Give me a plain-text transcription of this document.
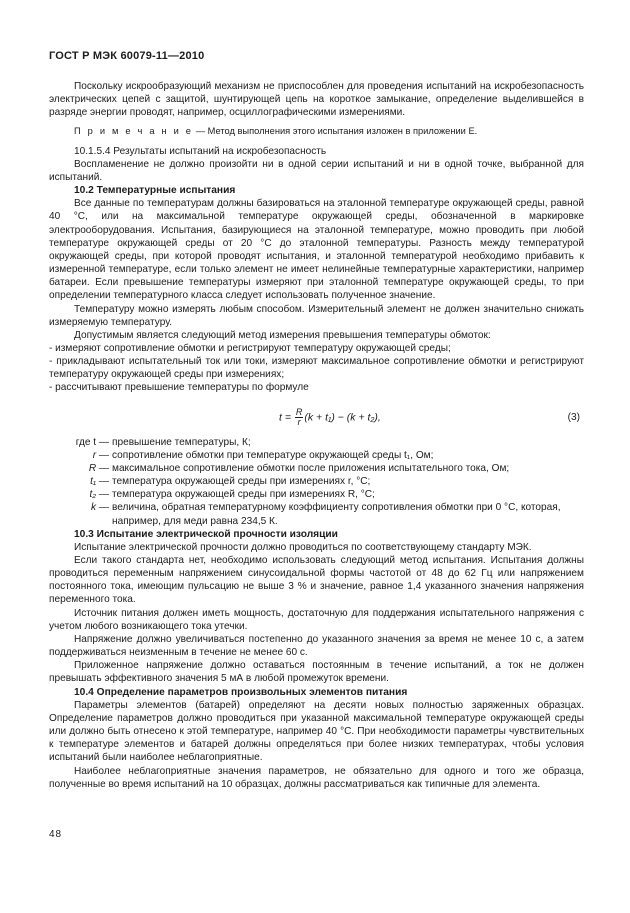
ГОСТ Р МЭК 60079-11—2010

Поскольку искрообразующий механизм не приспособлен для проведения испытаний на искробезопасность электрических цепей с защитой, шунтирующей цепь на короткое замыкание, определение выделившейся в разряде энергии проводят, например, осциллографическими измерениями.

П р и м е ч а н и е — Метод выполнения этого испытания изложен в приложении Е.

10.1.5.4 Результаты испытаний на искробезопасность

Воспламенение не должно произойти ни в одной серии испытаний и ни в одной точке, выбранной для испытаний.

10.2 Температурные испытания

Все данные по температурам должны базироваться на эталонной температуре окружающей среды, равной 40 °С, или на максимальной температуре окружающей среды, обозначенной в маркировке электрооборудования. Испытания, базирующиеся на эталонной температуре, можно проводить при любой температуре окружающей среды от 20 °С до эталонной температуры. Разность между температурой окружающей среды, при которой проводят испытания, и эталонной температурой необходимо прибавить к измеренной температуре, если только элемент не имеет нелинейные температурные характеристики, например батареи. Если превышение температуры измеряют при эталонной температуре окружающей среды, то при определении температурного класса следует использовать полученное значение.

Температуру можно измерять любым способом. Измерительный элемент не должен значительно снижать измеряемую температуру.

Допустимым является следующий метод измерения превышения температуры обмоток:

- измеряют сопротивление обмотки и регистрируют температуру окружающей среды;

- прикладывают испытательный ток или токи, измеряют максимальное сопротивление обмотки и регистрируют температуру окружающей среды при измерениях;

- рассчитывают превышение температуры по формуле

$t = \frac{R}{r} (k + t_1) - (k + t_2)$,	(3)
где t — превышение температуры, К;
r — сопротивление обмотки при температуре окружающей среды t₁, Ом;
R — максимальное сопротивление обмотки после приложения испытательного тока, Ом;
t₁ — температура окружающей среды при измерениях r, °С;
t₂ — температура окружающей среды при измерениях R, °С;
k — величина, обратная температурному коэффициенту сопротивления обмотки при 0 °С, которая, например, для меди равна 234,5 К.
10.3 Испытание электрической прочности изоляции

Испытание электрической прочности должно проводиться по соответствующему стандарту МЭК.

Если такого стандарта нет, необходимо использовать следующий метод испытания. Испытания должны проводиться переменным напряжением синусоидальной формы частотой от 48 до 62 Гц или напряжением постоянного тока, имеющим пульсацию не выше 3 % и значение, равное 1,4 указанного значения напряжения переменного тока.

Источник питания должен иметь мощность, достаточную для поддержания испытательного напряжения с учетом любого возникающего тока утечки.

Напряжение должно увеличиваться постепенно до указанного значения за время не менее 10 с, а затем поддерживаться неизменным в течение не менее 60 с.

Приложенное напряжение должно оставаться постоянным в течение испытаний, а ток не должен превышать эффективного значения 5 мА в любой промежуток времени.

10.4 Определение параметров произвольных элементов питания

Параметры элементов (батарей) определяют на десяти новых полностью заряженных образцах. Определение параметров должно проводиться при указанной максимальной температуре окружающей среды или должно быть отнесено к этой температуре, например 40 °С. При необходимости параметры чувствительных к температуре элементов и батарей должны определяться при более низких температурах, чтобы условия испытаний были наиболее неблагоприятные.

Наиболее неблагоприятные значения параметров, не обязательно для одного и того же образца, полученные во время испытаний на 10 образцах, должны рассматриваться как типичные для элемента.

48
